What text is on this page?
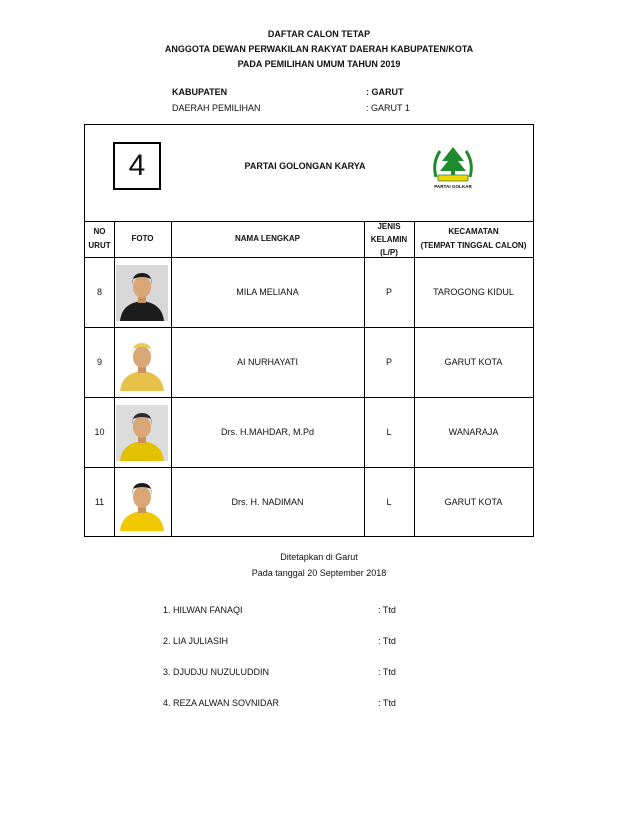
DAFTAR CALON TETAP
ANGGOTA DEWAN PERWAKILAN RAKYAT DAERAH KABUPATEN/KOTA
PADA PEMILIHAN UMUM TAHUN 2019
KABUPATEN	: GARUT
DAERAH PEMILIHAN	: GARUT 1
4	PARTAI GOLONGAN KARYA
PARTAI GOLKAR
NO
URUT
FOTO	NAMA LENGKAP
JENIS
KELAMIN
(L/P)
KECAMATAN
(TEMPAT TINGGAL CALON)
8	MILA MELIANA	P	TAROGONG KIDUL
9	AI NURHAYATI	P	GARUT KOTA
10	Drs. H.MAHDAR, M.Pd	L	WANARAJA
11	Drs. H. NADIMAN	L	GARUT KOTA
Ditetapkan di Garut
Pada tanggal 20 September 2018
1. HILWAN FANAQI	: Ttd
2. LIA JULIASIH	: Ttd
3. DJUDJU NUZULUDDIN	: Ttd
4. REZA ALWAN SOVNIDAR	: Ttd
